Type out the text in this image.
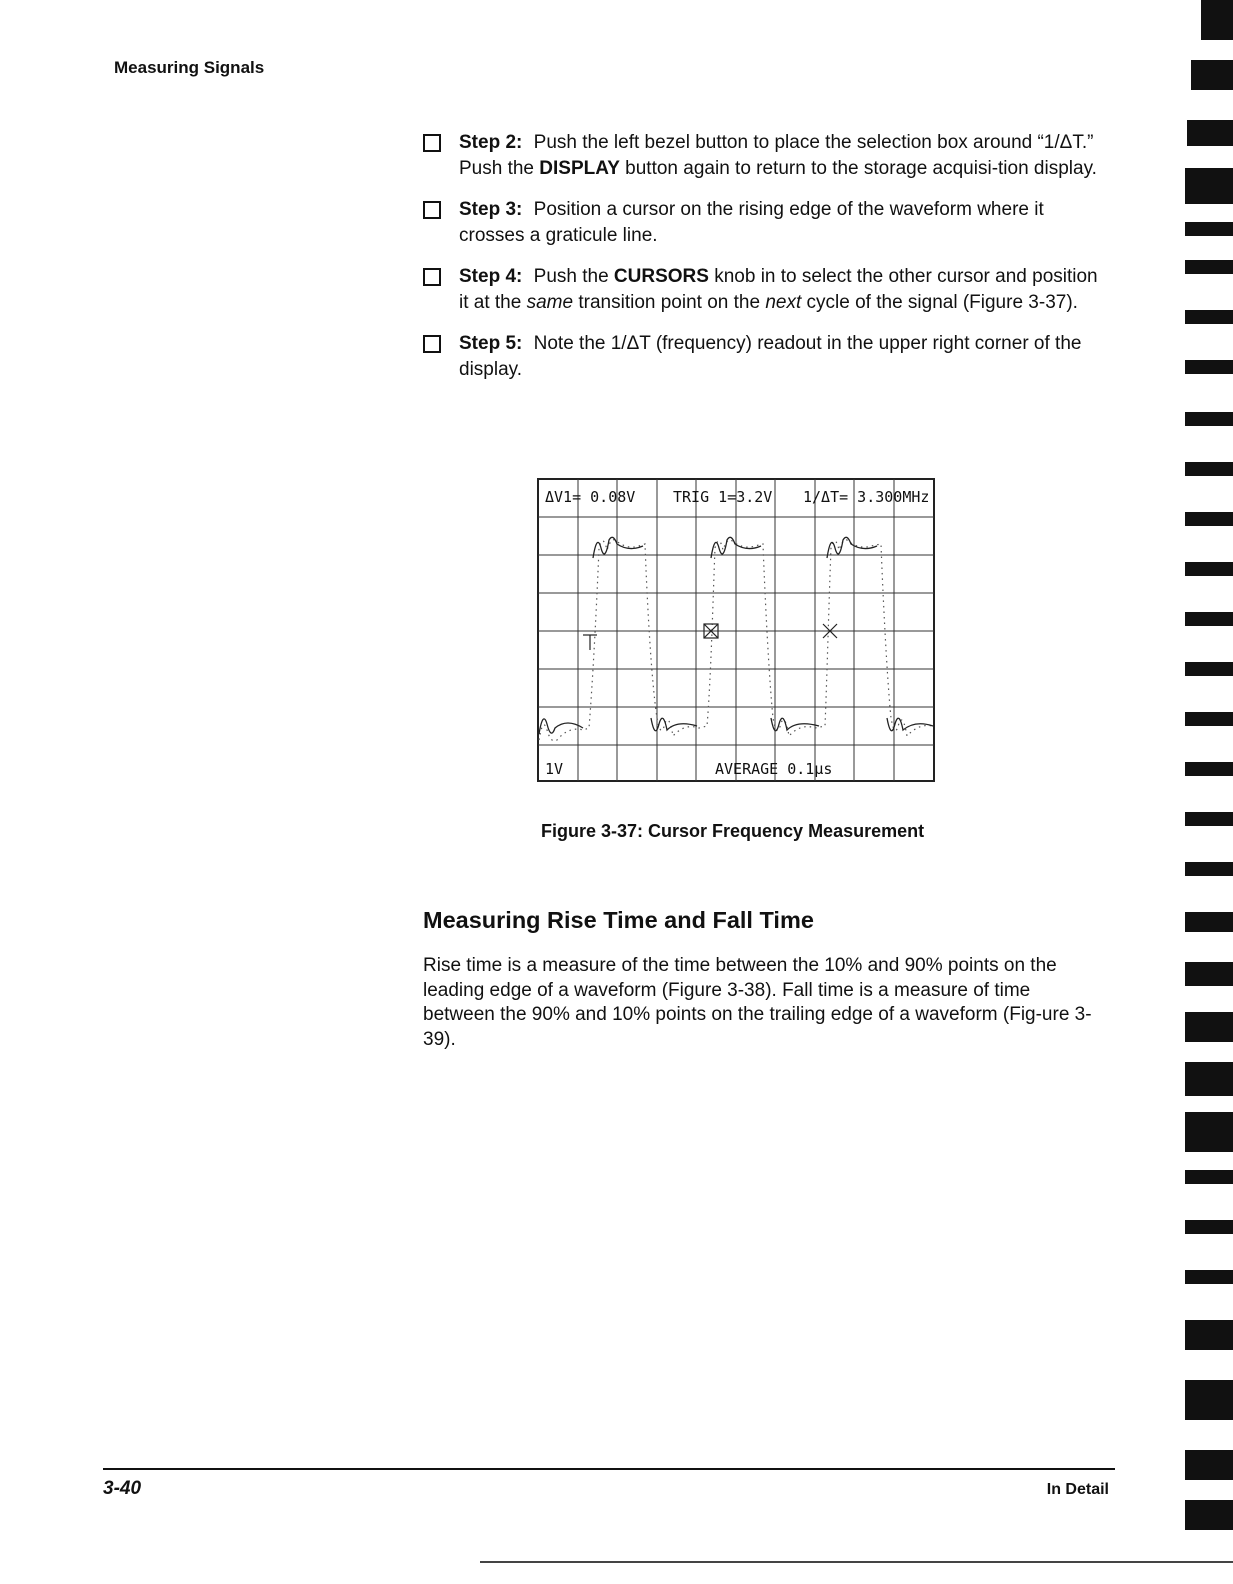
Measuring Signals
Step 2: Push the left bezel button to place the selection box around “1/ΔT.” Push the DISPLAY button again to return to the storage acquisi-tion display.
Step 3: Position a cursor on the rising edge of the waveform where it crosses a graticule line.
Step 4: Push the CURSORS knob in to select the other cursor and position it at the same transition point on the next cycle of the signal (Figure 3-37).
Step 5: Note the 1/ΔT (frequency) readout in the upper right corner of the display.
ΔV1= 0.08V	TRIG 1=3.2V 1/ΔT= 3.300MHz
1V	AVERAGE 0.1µs
Figure 3-37: Cursor Frequency Measurement
Measuring Rise Time and Fall Time
Rise time is a measure of the time between the 10% and 90% points on the leading edge of a waveform (Figure 3-38). Fall time is a measure of time between the 90% and 10% points on the trailing edge of a waveform (Fig-ure 3-39).
3-40	In Detail
